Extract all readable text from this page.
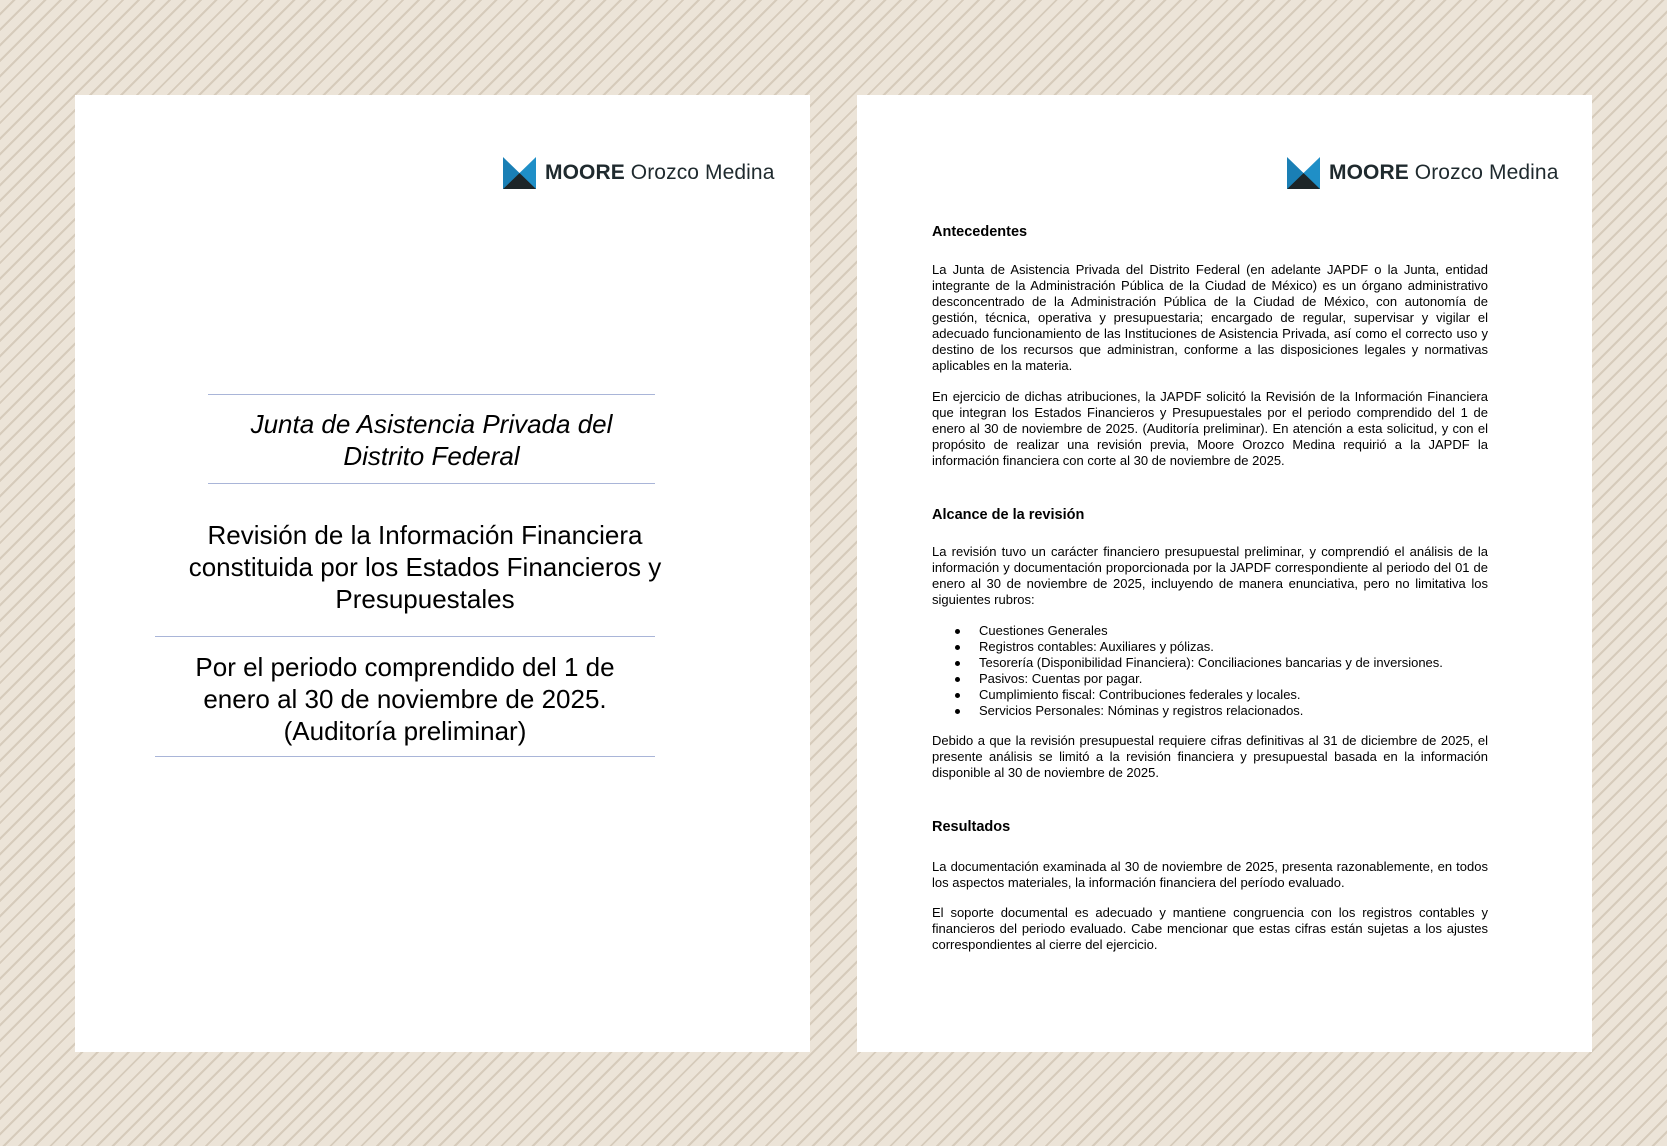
MOORE Orozco Medina
Junta de Asistencia Privada del Distrito Federal
Revisión de la Información Financiera constituida por los Estados Financieros y Presupuestales
Por el periodo comprendido del 1 de
enero al 30 de noviembre de 2025.
(Auditoría preliminar)
MOORE Orozco Medina
Antecedentes
La Junta de Asistencia Privada del Distrito Federal (en adelante JAPDF o la Junta, entidad integrante de la Administración Pública de la Ciudad de México) es un órgano administrativo desconcentrado de la Administración Pública de la Ciudad de México, con autonomía de gestión, técnica, operativa y presupuestaria; encargado de regular, supervisar y vigilar el adecuado funcionamiento de las Instituciones de Asistencia Privada, así como el correcto uso y destino de los recursos que administran, conforme a las disposiciones legales y normativas aplicables en la materia.
En ejercicio de dichas atribuciones, la JAPDF solicitó la Revisión de la Información Financiera que integran los Estados Financieros y Presupuestales por el periodo comprendido del 1 de enero al 30 de noviembre de 2025. (Auditoría preliminar). En atención a esta solicitud, y con el propósito de realizar una revisión previa, Moore Orozco Medina requirió a la JAPDF la información financiera con corte al 30 de noviembre de 2025.
Alcance de la revisión
La revisión tuvo un carácter financiero presupuestal preliminar, y comprendió el análisis de la información y documentación proporcionada por la JAPDF correspondiente al periodo del 01 de enero al 30 de noviembre de 2025, incluyendo de manera enunciativa, pero no limitativa los siguientes rubros:
Cuestiones Generales
Registros contables: Auxiliares y pólizas.
Tesorería (Disponibilidad Financiera): Conciliaciones bancarias y de inversiones.
Pasivos: Cuentas por pagar.
Cumplimiento fiscal: Contribuciones federales y locales.
Servicios Personales: Nóminas y registros relacionados.
Debido a que la revisión presupuestal requiere cifras definitivas al 31 de diciembre de 2025, el presente análisis se limitó a la revisión financiera y presupuestal basada en la información disponible al 30 de noviembre de 2025.
Resultados
La documentación examinada al 30 de noviembre de 2025, presenta razonablemente, en todos los aspectos materiales, la información financiera del período evaluado.
El soporte documental es adecuado y mantiene congruencia con los registros contables y financieros del periodo evaluado. Cabe mencionar que estas cifras están sujetas a los ajustes correspondientes al cierre del ejercicio.
